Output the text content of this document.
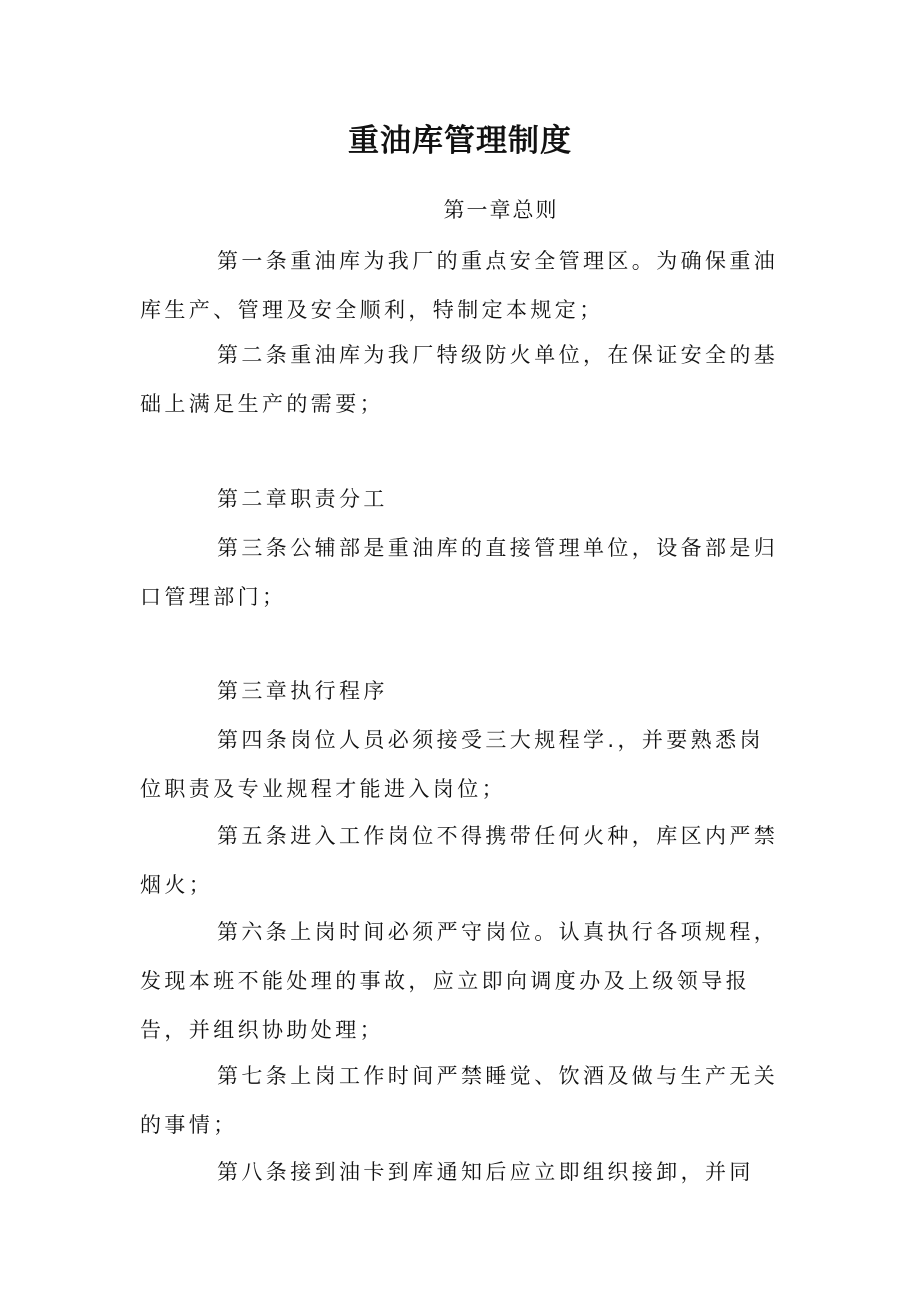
重油库管理制度
第一章总则
第一条重油库为我厂的重点安全管理区。为确保重油库生产、管理及安全顺利，特制定本规定；
第二条重油库为我厂特级防火单位，在保证安全的基础上满足生产的需要；
第二章职责分工
第三条公辅部是重油库的直接管理单位，设备部是归口管理部门；
第三章执行程序
第四条岗位人员必须接受三大规程学.，并要熟悉岗位职责及专业规程才能进入岗位；
第五条进入工作岗位不得携带任何火种，库区内严禁烟火；
第六条上岗时间必须严守岗位。认真执行各项规程，发现本班不能处理的事故，应立即向调度办及上级领导报告，并组织协助处理；
第七条上岗工作时间严禁睡觉、饮酒及做与生产无关的事情；
第八条接到油卡到库通知后应立即组织接卸，并同
